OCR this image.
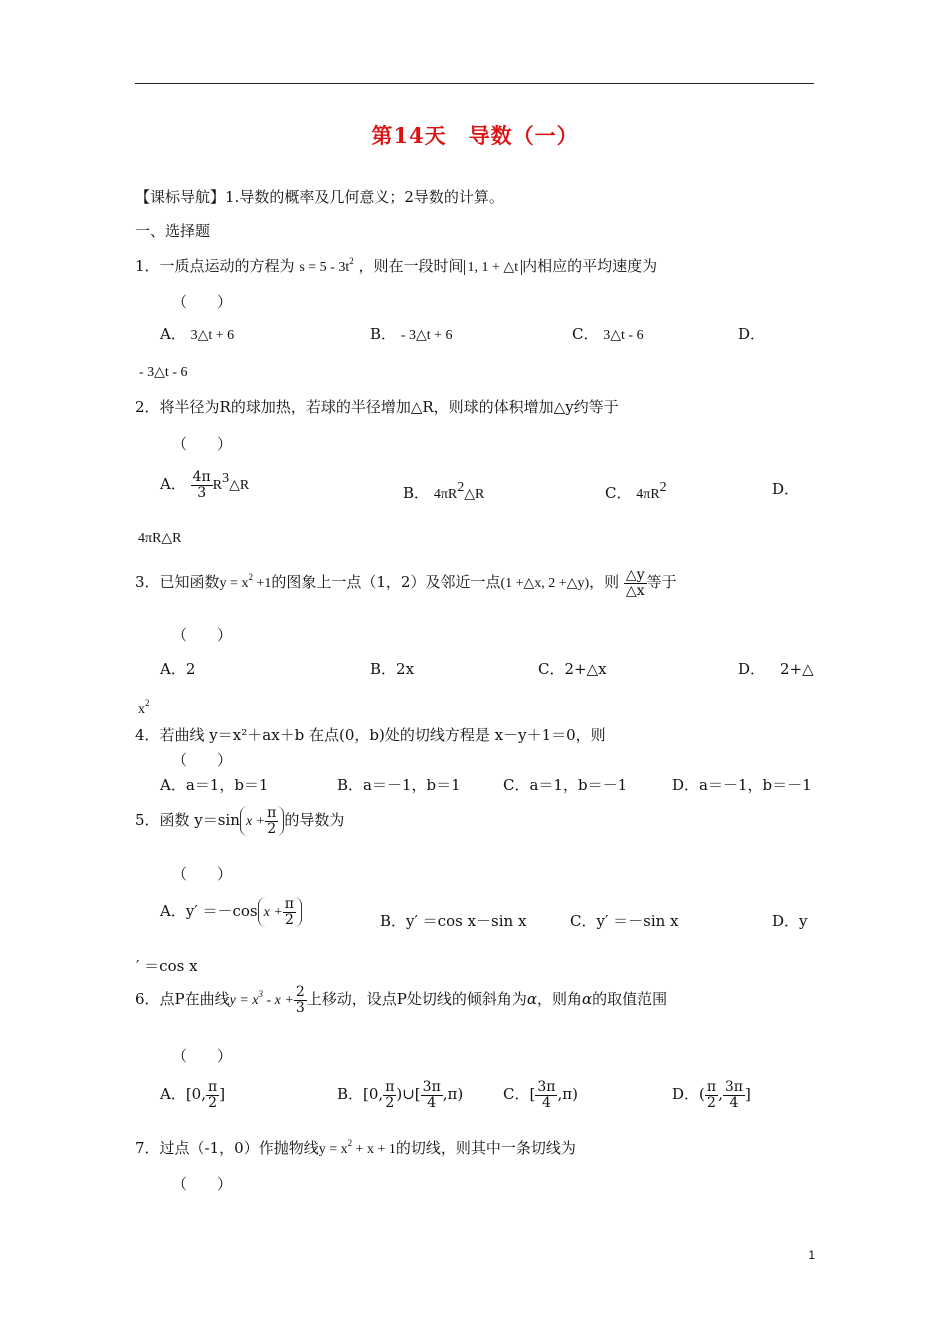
第14天　导数（一）
【课标导航】1.导数的概率及几何意义；2导数的计算。
一、选择题
1．一质点运动的方程为 $s = 5 - 3t^2$ ，则在一段时间 1, 1 + △t 内相应的平均速度为
（　　）
A． 3△t + 6	B． - 3△t + 6	C． 3△t - 6	D．
- 3△t - 6
2．将半径为R的球加热，若球的半径增加△R，则球的体积增加△y约等于
（　　）
A． $\frac{4\pi}{3}$ $R^3\triangle R$	B． $4\pi R^2\triangle R$	C． $4\pi R^2$	D．
4πR△R
3．已知函数$y = x^2 +1$的图象上一点（1，2）及邻近一点(1 +△x, 2 +△y)，则 $\frac{\triangle y}{\triangle x}$ 等于
（　　）
A．2	B．2x	C．2+△x	D． 2+△
$x^2$
4．若曲线 y＝x²＋ax＋b 在点(0，b)处的切线方程是 x－y＋1＝0，则
（　　）
A．a＝1，b＝1	B．a＝－1，b＝1	C．a＝1，b＝－1	D．a＝－1，b＝－1
5．函数 y＝sin $x + \frac{\pi}{2}$ 的导数为
（　　）
A．y′ ＝－cos $x + \frac{\pi}{2}$	B．y′ ＝cos x－sin x	C．y′ ＝－sin x	D．y
′ ＝cos x
6．点P在曲线$y = x^3 - x + \frac{2}{3}$ 上移动，设点P处切线的倾斜角为α，则角α的取值范围
（　　）
A．[0, $\frac{\pi}{2}$ ]	B．[0, $\frac{\pi}{2}$ )∪[ $\frac{3\pi}{4} ,\pi$)	C．[ $\frac{3\pi}{4} ,\pi$)	D．( $\frac{\pi}{2}$ , $\frac{3\pi}{4}$ ]
7．过点（-1，0）作抛物线$y = x^2 + x + 1$的切线，则其中一条切线为
（　　）
1
